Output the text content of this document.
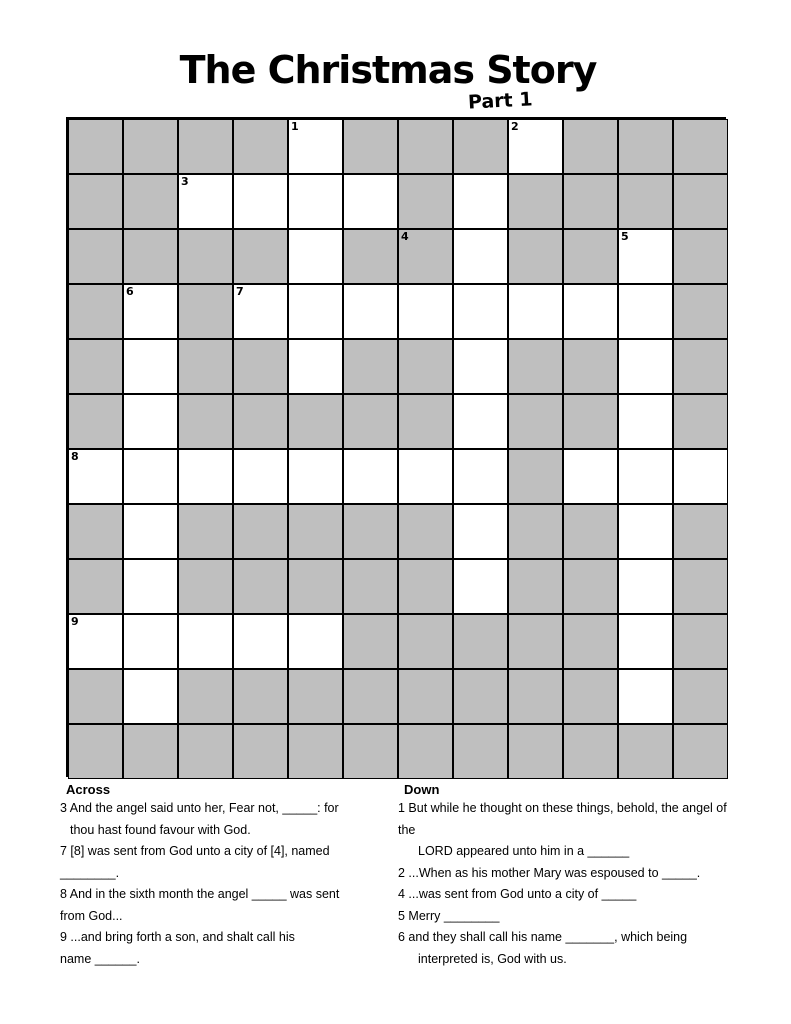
The Christmas Story
Part 1
1	2
3
4	5
6	7
8
9
Across
3 And the angel said unto her, Fear not, _____: for
thou hast found favour with God.
7 [8] was sent from God unto a city of [4], named ________.
8 And in the sixth month the angel _____ was sent
from God...
9 ...and bring forth a son, and shalt call his
name ______.
Down
1 But while he thought on these things, behold, the angel of the
LORD appeared unto him in a ______
2 ...When as his mother Mary was espoused to _____.
4 ...was sent from God unto a city of _____
5 Merry ________
6 and they shall call his name _______, which being
interpreted is, God with us.
